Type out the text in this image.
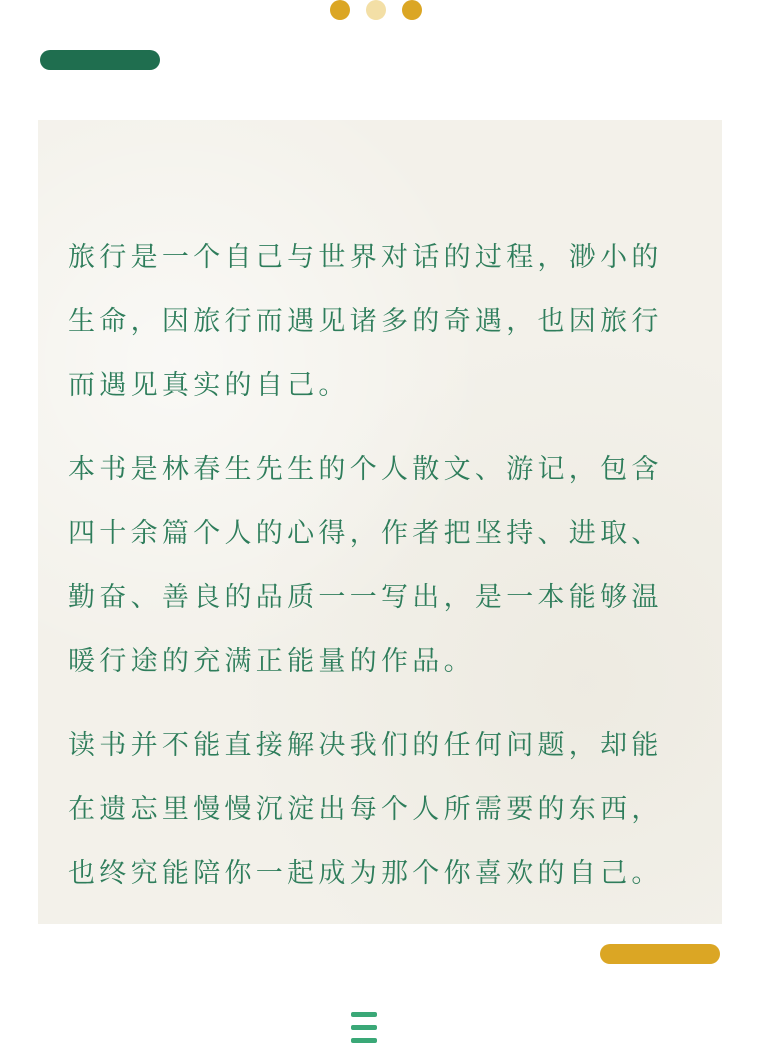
旅行是一个自己与世界对话的过程，渺小的生命，因旅行而遇见诸多的奇遇，也因旅行而遇见真实的自己。

本书是林春生先生的个人散文、游记，包含四十余篇个人的心得，作者把坚持、进取、勤奋、善良的品质一一写出，是一本能够温暖行途的充满正能量的作品。

读书并不能直接解决我们的任何问题，却能在遗忘里慢慢沉淀出每个人所需要的东西，也终究能陪你一起成为那个你喜欢的自己。
